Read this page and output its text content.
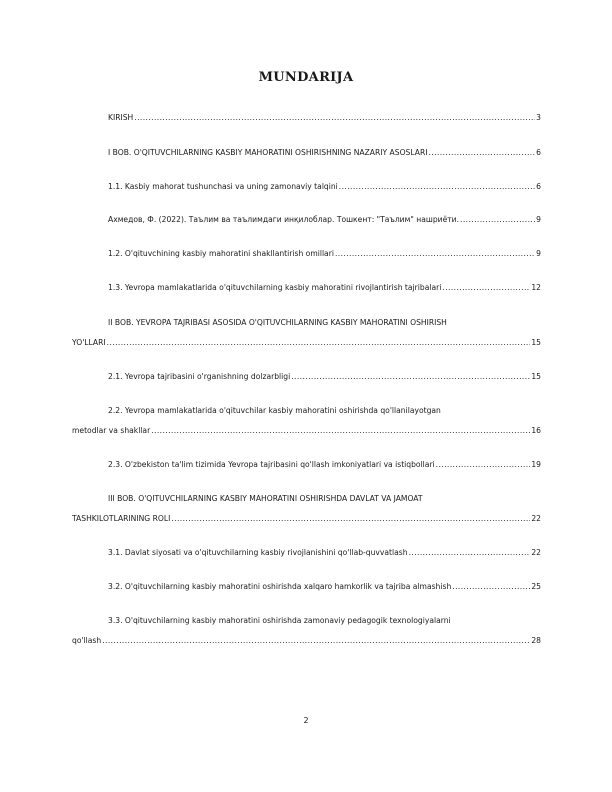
MUNDARIJA
KIRISH .....	3
I BOB. O'QITUVCHILARNING KASBIY MAHORATINI OSHIRISHNING NAZARIY ASOSLARI .....	6
1.1. Kasbiy mahorat tushunchasi va uning zamonaviy talqini .....	6
Ахмедов, Ф. (2022). Таълим ва таълимдаги инқилоблар. Тошкент: "Таълим" нашриёти. .....	9
1.2. O'qituvchining kasbiy mahoratini shakllantirish omillari .....	9
1.3. Yevropa mamlakatlarida o'qituvchilarning kasbiy mahoratini rivojlantirish tajribalari .....	12
II BOB. YEVROPA TAJRIBASI ASOSIDA O'QITUVCHILARNING KASBIY MAHORATINI OSHIRISH
YO'LLARI .....	15
2.1. Yevropa tajribasini o'rganishning dolzarbligi .....	15
2.2. Yevropa mamlakatlarida o'qituvchilar kasbiy mahoratini oshirishda qo'llanilayotgan
metodlar va shakllar .....	16
2.3. O'zbekiston ta'lim tizimida Yevropa tajribasini qo'llash imkoniyatlari va istiqbollari .....	19
III BOB. O'QITUVCHILARNING KASBIY MAHORATINI OSHIRISHDA DAVLAT VA JAMOAT
TASHKILOTLARINING ROLI .....	22
3.1. Davlat siyosati va o'qituvchilarning kasbiy rivojlanishini qo'llab-quvvatlash .....	22
3.2. O'qituvchilarning kasbiy mahoratini oshirishda xalqaro hamkorlik va tajriba almashish .....	25
3.3. O'qituvchilarning kasbiy mahoratini oshirishda zamonaviy pedagogik texnologiyalarni
qo'llash .....	28
2
